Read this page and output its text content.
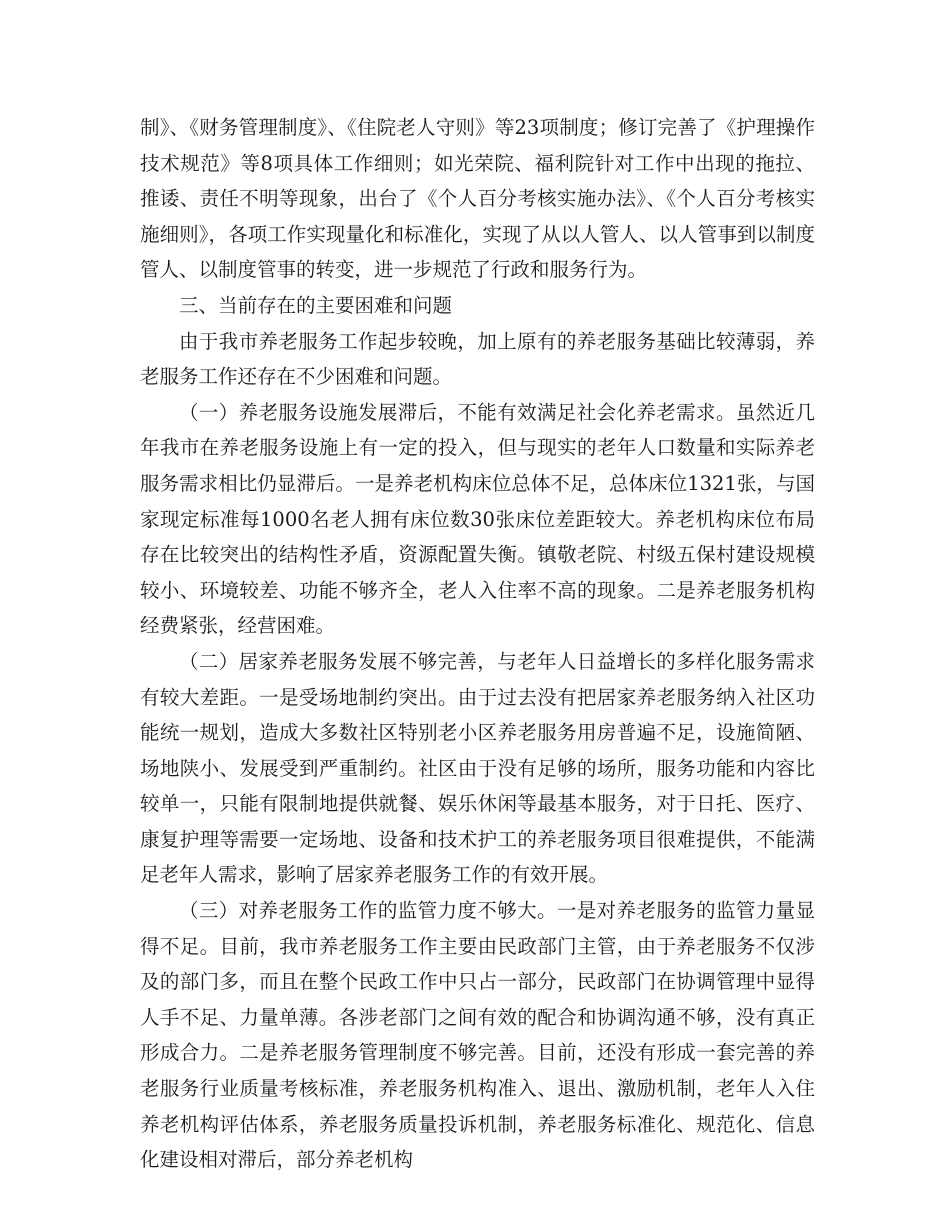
制》、《财务管理制度》、《住院老人守则》等23项制度；修订完善了《护理操作技术规范》等8项具体工作细则；如光荣院、福利院针对工作中出现的拖拉、推诿、责任不明等现象，出台了《个人百分考核实施办法》、《个人百分考核实施细则》，各项工作实现量化和标准化，实现了从以人管人、以人管事到以制度管人、以制度管事的转变，进一步规范了行政和服务行为。

三、当前存在的主要困难和问题

由于我市养老服务工作起步较晚，加上原有的养老服务基础比较薄弱，养老服务工作还存在不少困难和问题。

（一）养老服务设施发展滞后，不能有效满足社会化养老需求。虽然近几年我市在养老服务设施上有一定的投入，但与现实的老年人口数量和实际养老服务需求相比仍显滞后。一是养老机构床位总体不足，总体床位1321张，与国家现定标准每1000名老人拥有床位数30张床位差距较大。养老机构床位布局存在比较突出的结构性矛盾，资源配置失衡。镇敬老院、村级五保村建设规模较小、环境较差、功能不够齐全，老人入住率不高的现象。二是养老服务机构经费紧张，经营困难。

（二）居家养老服务发展不够完善，与老年人日益增长的多样化服务需求有较大差距。一是受场地制约突出。由于过去没有把居家养老服务纳入社区功能统一规划，造成大多数社区特别老小区养老服务用房普遍不足，设施简陋、场地陕小、发展受到严重制约。社区由于没有足够的场所，服务功能和内容比较单一，只能有限制地提供就餐、娱乐休闲等最基本服务，对于日托、医疗、康复护理等需要一定场地、设备和技术护工的养老服务项目很难提供，不能满足老年人需求，影响了居家养老服务工作的有效开展。

（三）对养老服务工作的监管力度不够大。一是对养老服务的监管力量显得不足。目前，我市养老服务工作主要由民政部门主管，由于养老服务不仅涉及的部门多，而且在整个民政工作中只占一部分，民政部门在协调管理中显得人手不足、力量单薄。各涉老部门之间有效的配合和协调沟通不够，没有真正形成合力。二是养老服务管理制度不够完善。目前，还没有形成一套完善的养老服务行业质量考核标准，养老服务机构准入、退出、激励机制，老年人入住养老机构评估体系，养老服务质量投诉机制，养老服务标准化、规范化、信息化建设相对滞后，部分养老机构
